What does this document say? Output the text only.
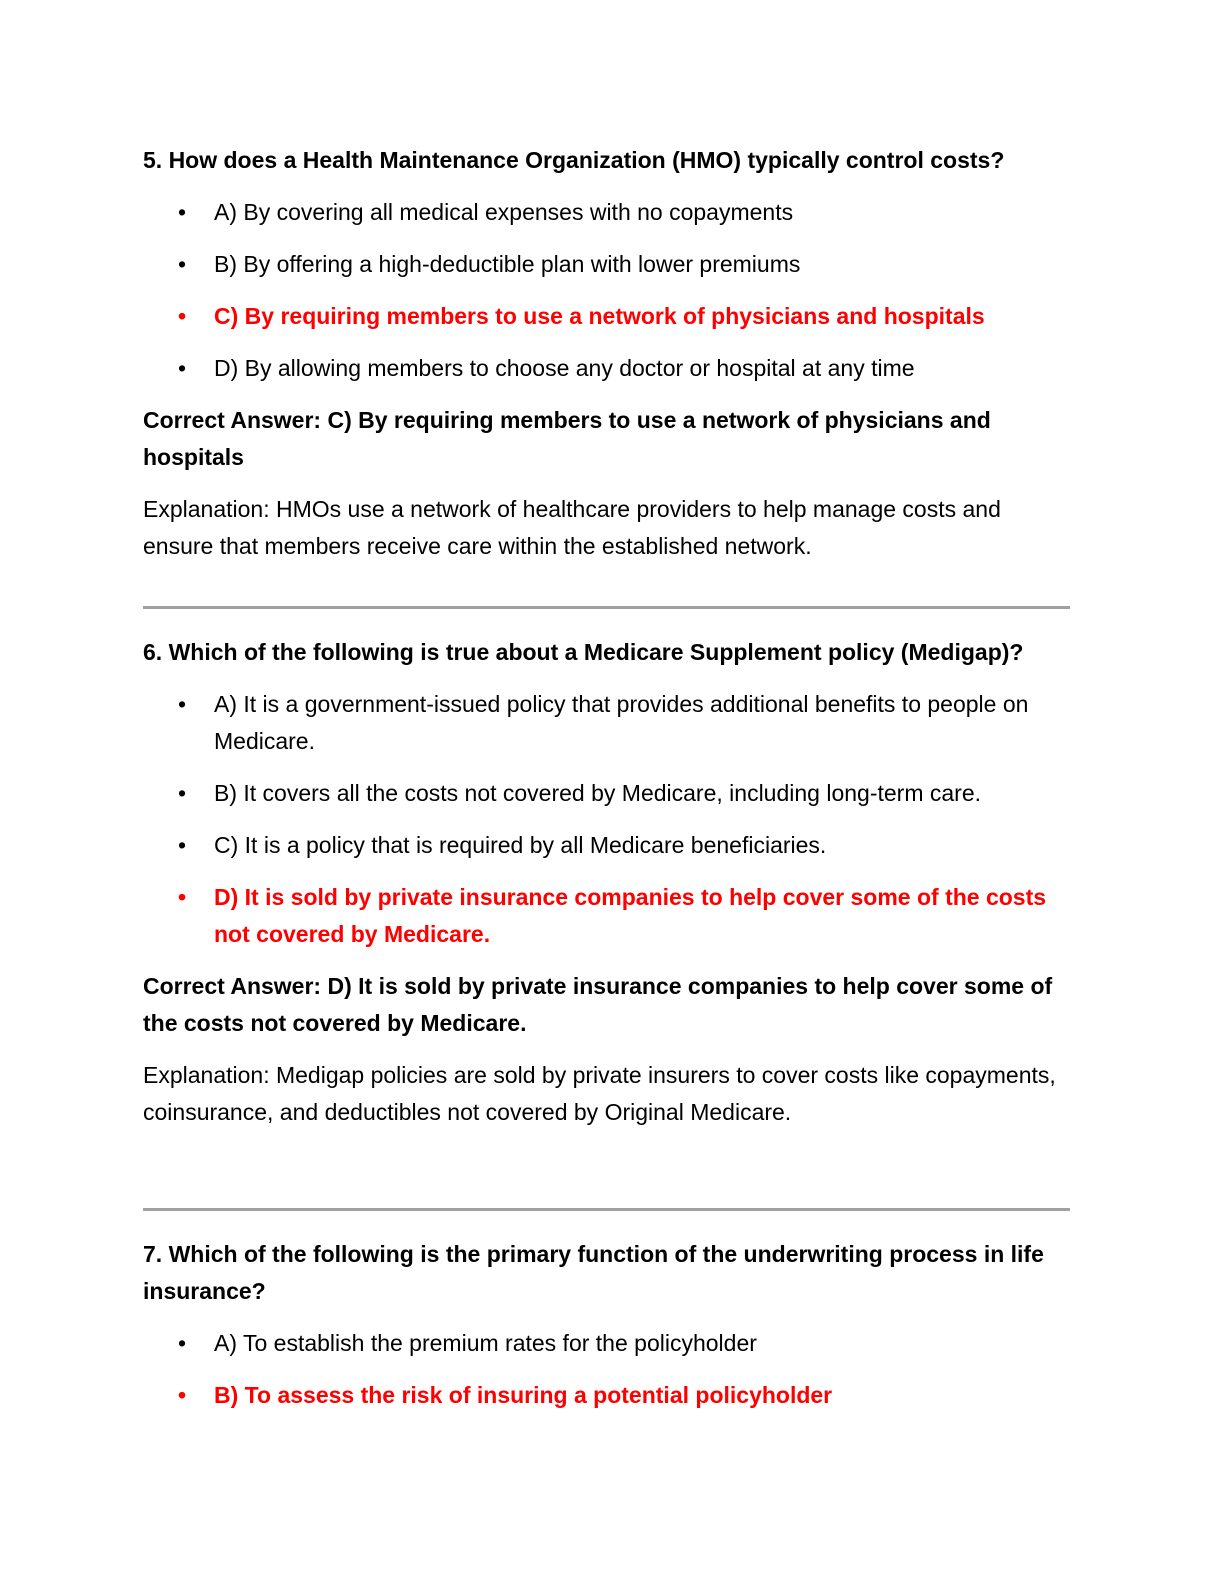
5. How does a Health Maintenance Organization (HMO) typically control costs?

• A) By covering all medical expenses with no copayments
• B) By offering a high-deductible plan with lower premiums
• C) By requiring members to use a network of physicians and hospitals
• D) By allowing members to choose any doctor or hospital at any time
Correct Answer: C) By requiring members to use a network of physicians and hospitals
Explanation: HMOs use a network of healthcare providers to help manage costs and ensure that members receive care within the established network.

6. Which of the following is true about a Medicare Supplement policy (Medigap)?

• A) It is a government-issued policy that provides additional benefits to people on Medicare.
• B) It covers all the costs not covered by Medicare, including long-term care.
• C) It is a policy that is required by all Medicare beneficiaries.
• D) It is sold by private insurance companies to help cover some of the costs not covered by Medicare.
Correct Answer: D) It is sold by private insurance companies to help cover some of the costs not covered by Medicare.
Explanation: Medigap policies are sold by private insurers to cover costs like copayments, coinsurance, and deductibles not covered by Original Medicare.

7. Which of the following is the primary function of the underwriting process in life insurance?

• A) To establish the premium rates for the policyholder
• B) To assess the risk of insuring a potential policyholder
